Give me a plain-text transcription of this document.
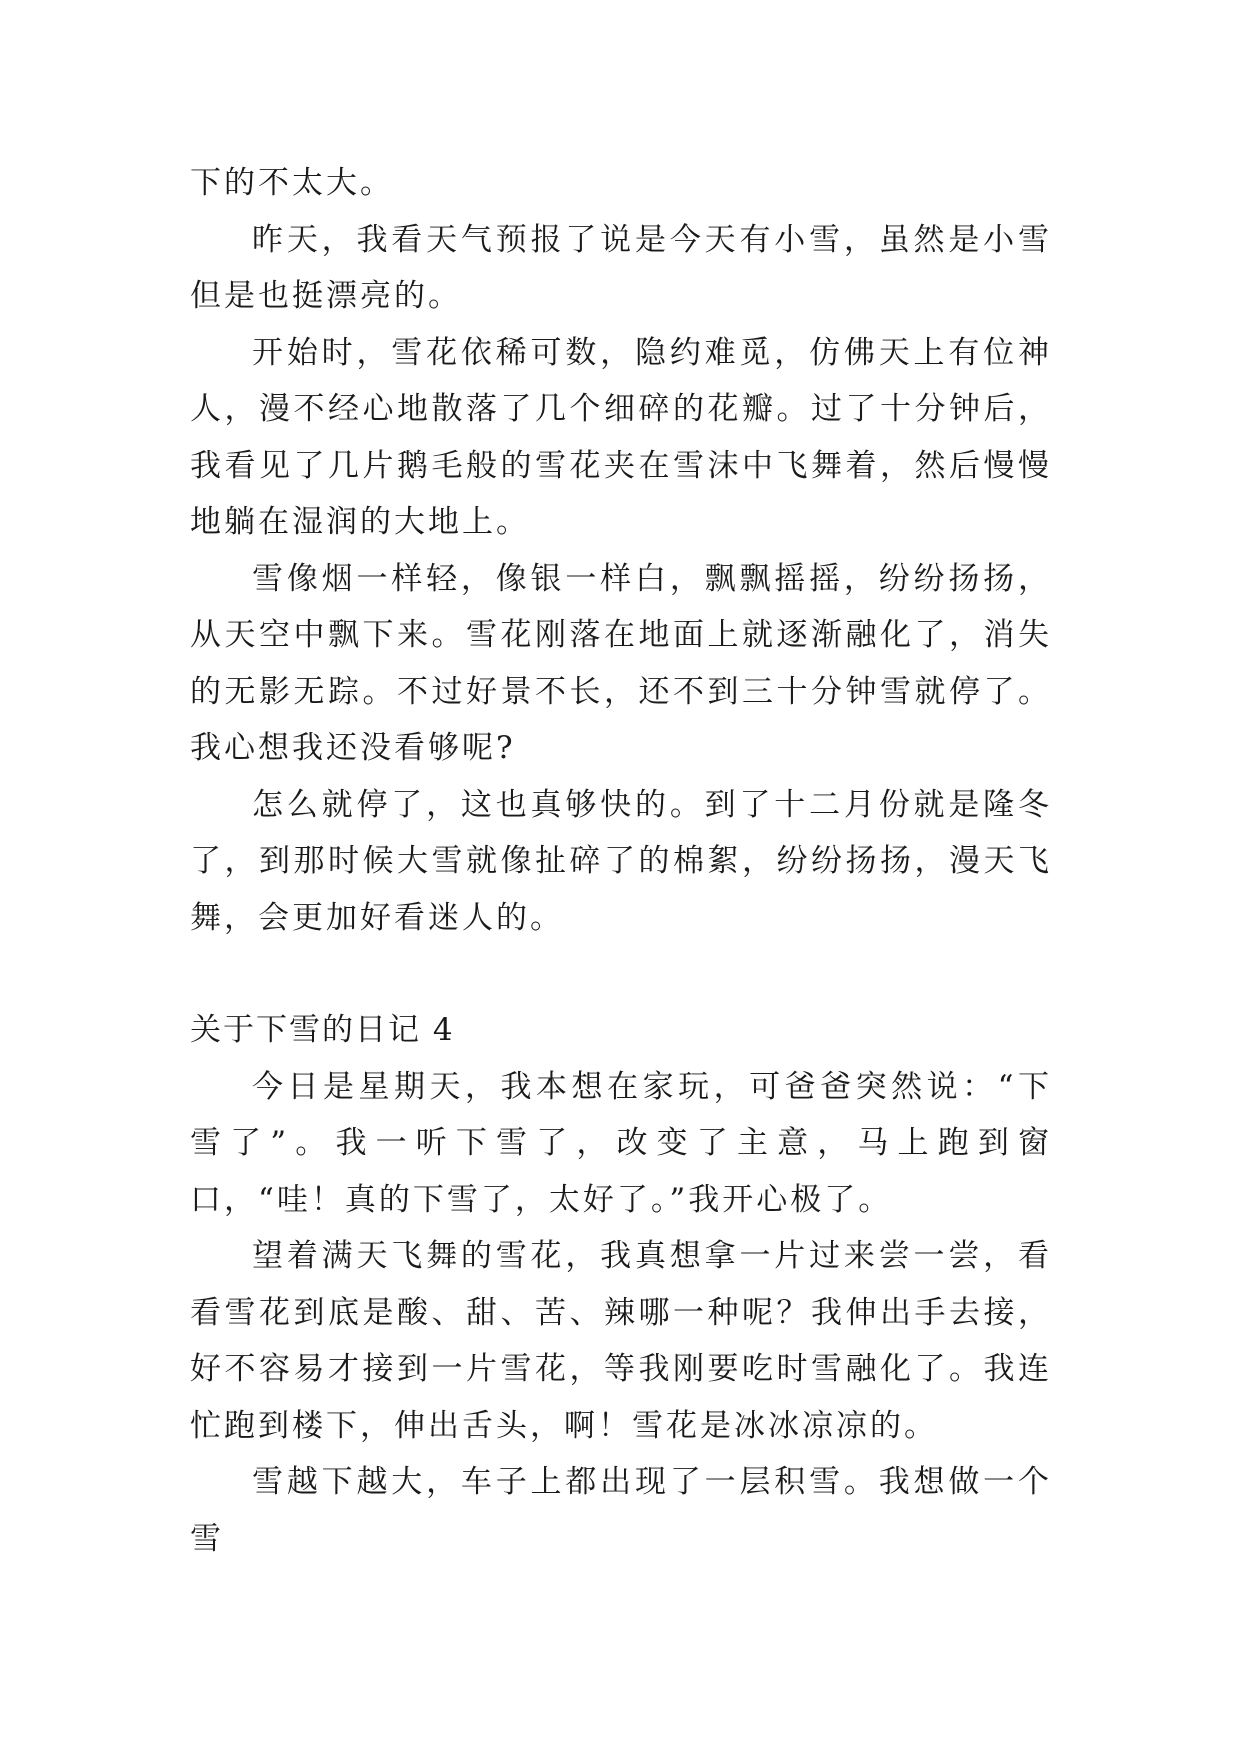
下的不太大。

昨天，我看天气预报了说是今天有小雪，虽然是小雪但是也挺漂亮的。

开始时，雪花依稀可数，隐约难觅，仿佛天上有位神人，漫不经心地散落了几个细碎的花瓣。过了十分钟后，我看见了几片鹅毛般的雪花夹在雪沫中飞舞着，然后慢慢地躺在湿润的大地上。

雪像烟一样轻，像银一样白，飘飘摇摇，纷纷扬扬，从天空中飘下来。雪花刚落在地面上就逐渐融化了，消失的无影无踪。不过好景不长，还不到三十分钟雪就停了。我心想我还没看够呢?

怎么就停了，这也真够快的。到了十二月份就是隆冬了，到那时候大雪就像扯碎了的棉絮，纷纷扬扬，漫天飞舞，会更加好看迷人的。

关于下雪的日记 4

今日是星期天，我本想在家玩，可爸爸突然说：“下雪了”。我一听下雪了，改变了主意，马上跑到窗口，“哇！真的下雪了，太好了。”我开心极了。

望着满天飞舞的雪花，我真想拿一片过来尝一尝，看看雪花到底是酸、甜、苦、辣哪一种呢？我伸出手去接，好不容易才接到一片雪花，等我刚要吃时雪融化了。我连忙跑到楼下，伸出舌头，啊！雪花是冰冰凉凉的。

雪越下越大，车子上都出现了一层积雪。我想做一个雪
